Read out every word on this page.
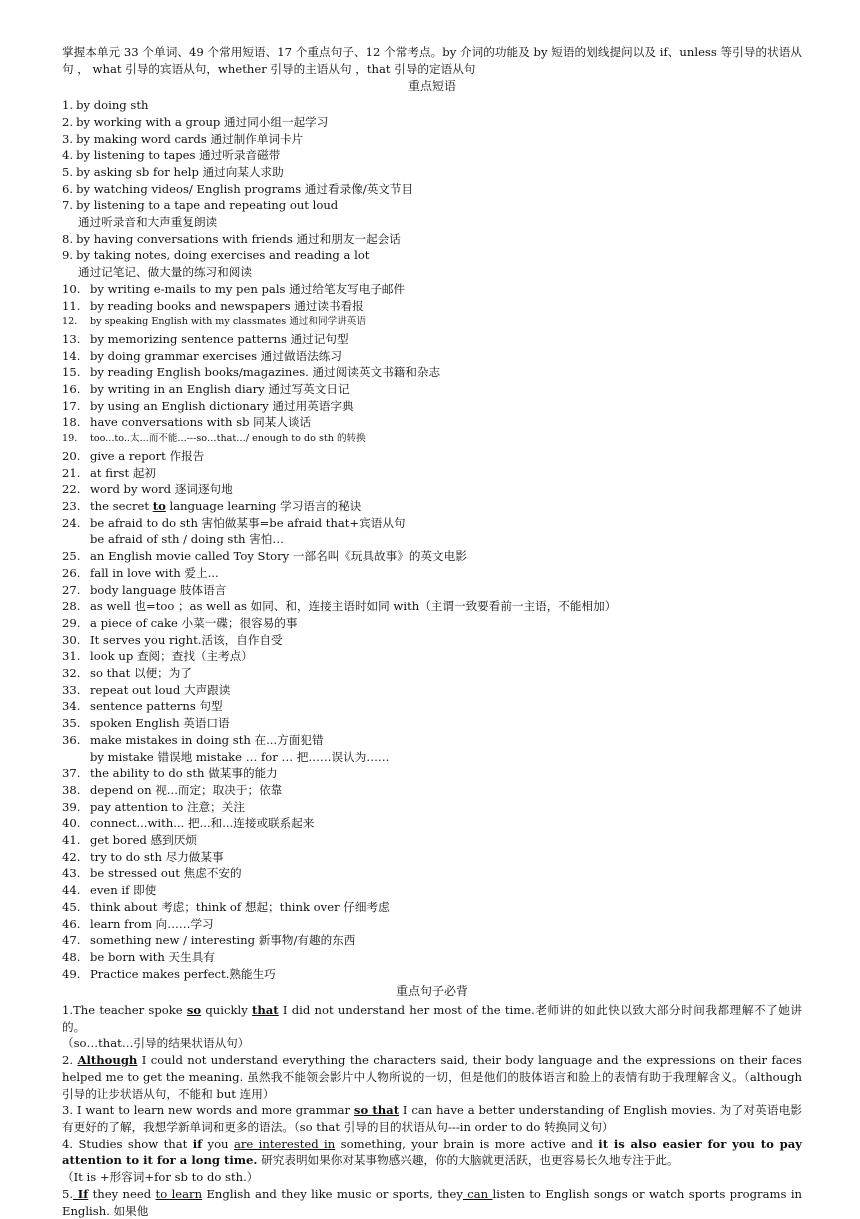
掌握本单元 33 个单词、49 个常用短语、17 个重点句子、12 个常考点。by 介词的功能及 by 短语的划线提问以及 if、unless 等引导的状语从句 ， what 引导的宾语从句，whether 引导的主语从句 ，that 引导的定语从句

重点短语
1. by doing sth
2. by working with a group 通过同小组一起学习
3. by making word cards 通过制作单词卡片
4. by listening to tapes 通过听录音磁带
5. by asking sb for help 通过向某人求助
6. by watching videos/ English programs 通过看录像/英文节目
7. by listening to a tape and repeating out loud
通过听录音和大声重复朗读
8. by having conversations with friends 通过和朋友一起会话
9. by taking notes, doing exercises and reading a lot
通过记笔记、做大量的练习和阅读
10. by writing e-mails to my pen pals 通过给笔友写电子邮件
11. by reading books and newspapers 通过读书看报
12.	by speaking English with my classmates 通过和同学讲英语
13. by memorizing sentence patterns 通过记句型
14. by doing grammar exercises 通过做语法练习
15. by reading English books/magazines. 通过阅读英文书籍和杂志
16. by writing in an English diary 通过写英文日记
17. by using an English dictionary 通过用英语字典
18. have conversations with sb 同某人谈话
19.	too...to..太...而不能...---so…that…/ enough to do sth 的转换
20. give a report 作报告
21. at first 起初
22. word by word 逐词逐句地
23. the secret to language learning 学习语言的秘诀
24. be afraid to do sth 害怕做某事=be afraid that+宾语从句
be afraid of sth / doing sth 害怕…
25. an English movie called Toy Story 一部名叫《玩具故事》的英文电影
26. fall in love with 爱上...
27. body language 肢体语言
28. as well 也=too ；as well as 如同、和，连接主语时如同 with（主谓一致要看前一主语，不能相加）
29. a piece of cake 小菜一碟；很容易的事
30. It serves you right.活该，自作自受
31. look up 查阅；查找（主考点）
32. so that 以便；为了
33. repeat out loud 大声跟读
34. sentence patterns 句型
35. spoken English 英语口语
36. make mistakes in doing sth 在...方面犯错
by mistake 错误地 mistake … for … 把……误认为……
37. the ability to do sth 做某事的能力
38. depend on 视...而定；取决于；依靠
39. pay attention to 注意；关注
40. connect...with... 把...和...连接或联系起来
41. get bored 感到厌烦
42. try to do sth 尽力做某事
43. be stressed out 焦虑不安的
44. even if 即使
45. think about 考虑；think of 想起；think over 仔细考虑
46. learn from 向……学习
47. something new / interesting 新事物/有趣的东西
48. be born with 天生具有
49. Practice makes perfect.熟能生巧
重点句子必背
1.The teacher spoke so quickly that I did not understand her most of the time.老师讲的如此快以致大部分时间我都理解不了她讲的。
（so…that…引导的结果状语从句）
2. Although I could not understand everything the characters said, their body language and the expressions on their faces helped me to get the meaning. 虽然我不能领会影片中人物所说的一切，但是他们的肢体语言和脸上的表情有助于我理解含义。（although 引导的让步状语从句，不能和 but 连用）
3. I want to learn new words and more grammar so that I can have a better understanding of English movies. 为了对英语电影有更好的了解，我想学新单词和更多的语法。（so that 引导的目的状语从句---in order to do 转换同义句）
4. Studies show that if you are interested in something, your brain is more active and it is also easier for you to pay attention to it for a long time. 研究表明如果你对某事物感兴趣，你的大脑就更活跃，也更容易长久地专注于此。
（It is +形容词+for sb to do sth.）
5. If they need to learn English and they like music or sports, they can listen to English songs or watch sports programs in English. 如果他
